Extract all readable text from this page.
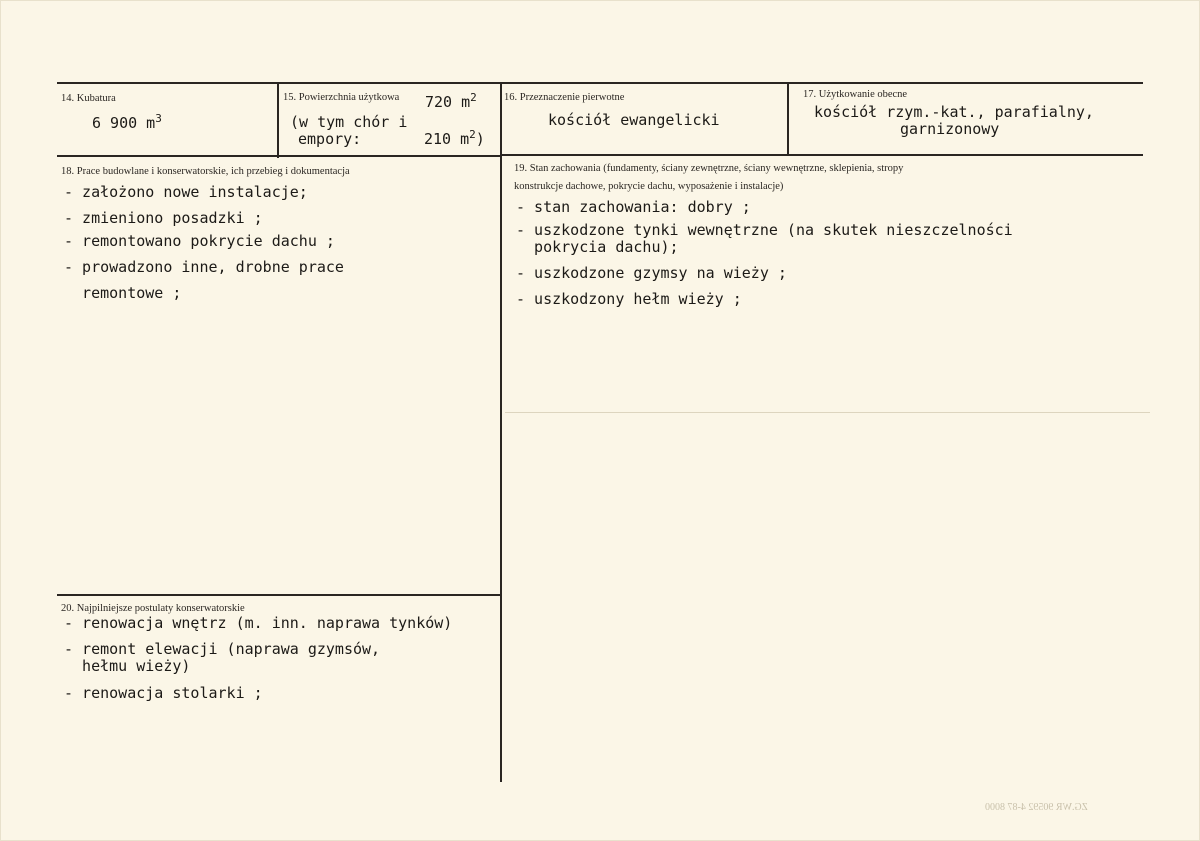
14. Kubatura
6 900 $m^3$
15. Powierzchnia użytkowa 720 $m^2$
(w tym chór i
empory:	210 $m^2$)
16. Przeznaczenie pierwotne
kościół ewangelicki
17. Użytkowanie obecne
kościół rzym.-kat., parafialny,
garnizonowy
18. Prace budowlane i konserwatorskie, ich przebieg i dokumentacja
- założono nowe instalacje;
- zmieniono posadzki ;
- remontowano pokrycie dachu ;
- prowadzono inne, drobne prace
remontowe ;
19. Stan zachowania (fundamenty, ściany zewnętrzne, ściany wewnętrzne, sklepienia, stropy
konstrukcje dachowe, pokrycie dachu, wyposażenie i instalacje)
- stan zachowania: dobry ;
- uszkodzone tynki wewnętrzne (na skutek nieszczelności
pokrycia dachu);
- uszkodzone gzymsy na wieży ;
- uszkodzony hełm wieży ;
20. Najpilniejsze postulaty konserwatorskie
- renowacja wnętrz (m. inn. naprawa tynków)
- remont elewacji (naprawa gzymsów,
hełmu wieży)
- renowacja stolarki ;
ZG.WR 90592 4-87 8000
